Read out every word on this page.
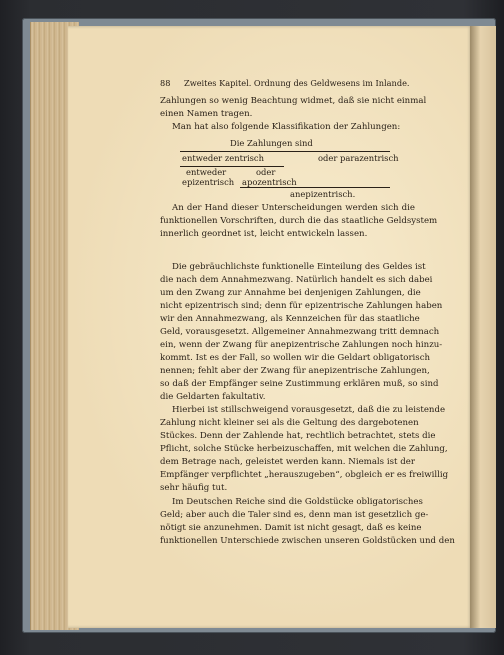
88 Zweites Kapitel. Ordnung des Geldwesens im Inlande.
Zahlungen so wenig Beachtung widmet, daß sie nicht einmal
einen Namen tragen.
Man hat also folgende Klassifikation der Zahlungen:
Die Zahlungen sind
entweder zentrisch	oder parazentrisch
entweder
epizentrisch
oder
apozentrisch
anepizentrisch.
An der Hand dieser Unterscheidungen werden sich die
funktionellen Vorschriften, durch die das staatliche Geldsystem
innerlich geordnet ist, leicht entwickeln lassen.
Die gebräuchlichste funktionelle Einteilung des Geldes ist
die nach dem Annahmezwang. Natürlich handelt es sich dabei
um den Zwang zur Annahme bei denjenigen Zahlungen, die
nicht epizentrisch sind; denn für epizentrische Zahlungen haben
wir den Annahmezwang, als Kennzeichen für das staatliche
Geld, vorausgesetzt. Allgemeiner Annahmezwang tritt demnach
ein, wenn der Zwang für anepizentrische Zahlungen noch hinzu-
kommt. Ist es der Fall, so wollen wir die Geldart obligatorisch
nennen; fehlt aber der Zwang für anepizentrische Zahlungen,
so daß der Empfänger seine Zustimmung erklären muß, so sind
die Geldarten fakultativ.
Hierbei ist stillschweigend vorausgesetzt, daß die zu leistende
Zahlung nicht kleiner sei als die Geltung des dargebotenen
Stückes. Denn der Zahlende hat, rechtlich betrachtet, stets die
Pflicht, solche Stücke herbeizuschaffen, mit welchen die Zahlung,
dem Betrage nach, geleistet werden kann. Niemals ist der
Empfänger verpflichtet „herauszugeben“, obgleich er es freiwillig
sehr häufig tut.
Im Deutschen Reiche sind die Goldstücke obligatorisches
Geld; aber auch die Taler sind es, denn man ist gesetzlich ge-
nötigt sie anzunehmen. Damit ist nicht gesagt, daß es keine
funktionellen Unterschiede zwischen unseren Goldstücken und den
